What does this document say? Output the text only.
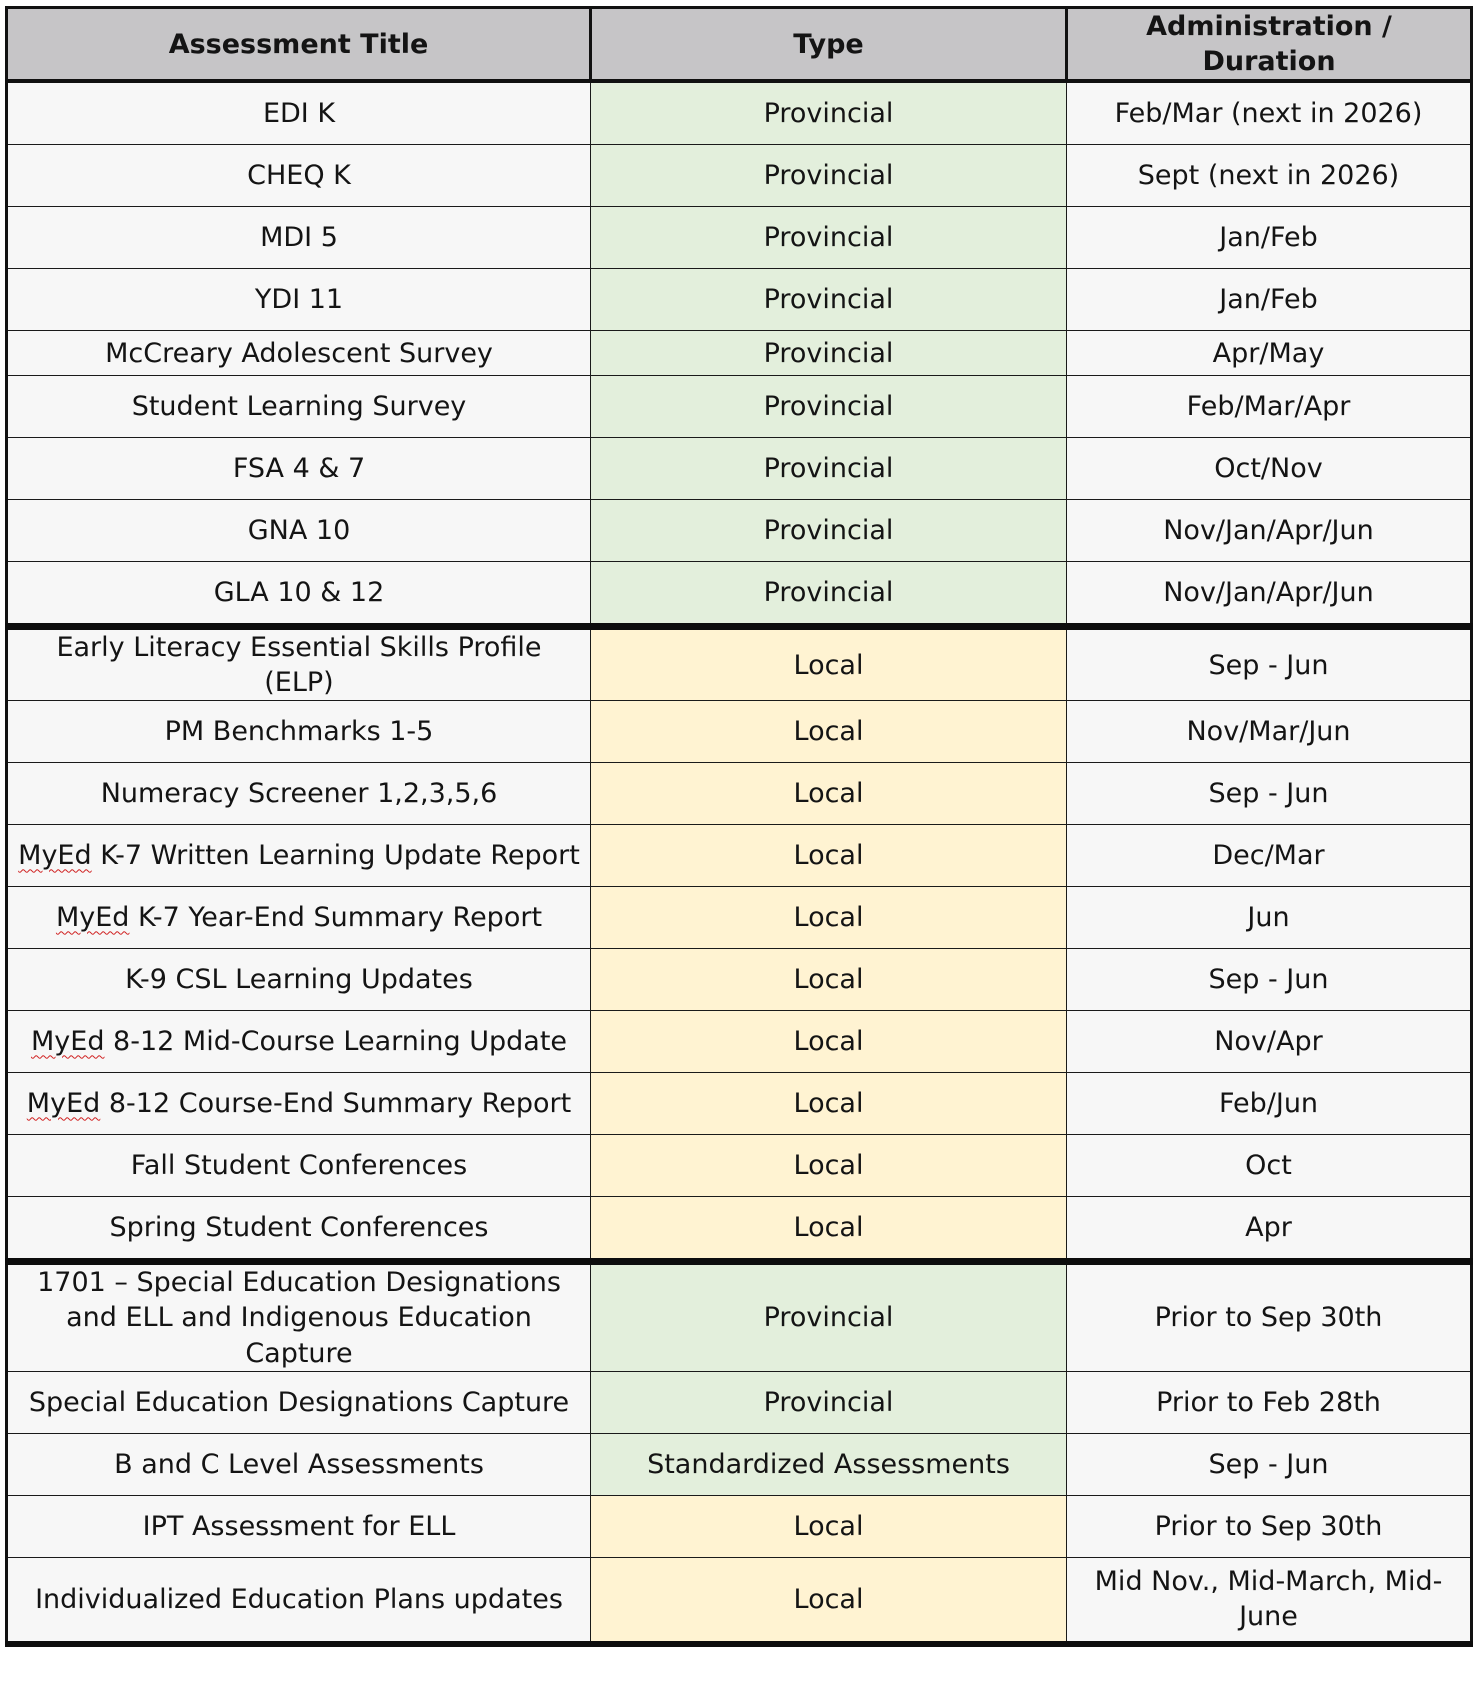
Assessment Title	Type	Administration / Duration
EDI K	Provincial	Feb/Mar (next in 2026)
CHEQ K	Provincial	Sept (next in 2026)
MDI 5	Provincial	Jan/Feb
YDI 11	Provincial	Jan/Feb
McCreary Adolescent Survey	Provincial	Apr/May
Student Learning Survey	Provincial	Feb/Mar/Apr
FSA 4 & 7	Provincial	Oct/Nov
GNA 10	Provincial	Nov/Jan/Apr/Jun
GLA 10 & 12	Provincial	Nov/Jan/Apr/Jun
Early Literacy Essential Skills Profile (ELP)	Local	Sep - Jun
PM Benchmarks 1-5	Local	Nov/Mar/Jun
Numeracy Screener 1,2,3,5,6	Local	Sep - Jun
MyEd K-7 Written Learning Update Report	Local	Dec/Mar
MyEd K-7 Year-End Summary Report	Local	Jun
K-9 CSL Learning Updates	Local	Sep - Jun
MyEd 8-12 Mid-Course Learning Update	Local	Nov/Apr
MyEd 8-12 Course-End Summary Report	Local	Feb/Jun
Fall Student Conferences	Local	Oct
Spring Student Conferences	Local	Apr
1701 – Special Education Designations and ELL and Indigenous Education Capture	Provincial	Prior to Sep 30th
Special Education Designations Capture	Provincial	Prior to Feb 28th
B and C Level Assessments	Standardized Assessments	Sep - Jun
IPT Assessment for ELL	Local	Prior to Sep 30th
Individualized Education Plans updates	Local	Mid Nov., Mid-March, Mid-June
